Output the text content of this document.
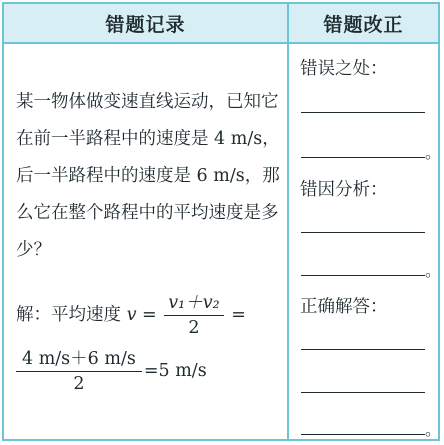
错题记录	错题改正
某一物体做变速直线运动，已知它在前一半路程中的速度是 4 m/s，后一半路程中的速度是 6 m/s，那么它在整个路程中的平均速度是多少？
解：平均速度 $v = \frac{\text{v₁＋v₂}}{2}$ =
$\frac{4 m/s+6 m/s}{2} =5$ m/s
错误之处：
。
错因分析：
。
正确解答：
。
